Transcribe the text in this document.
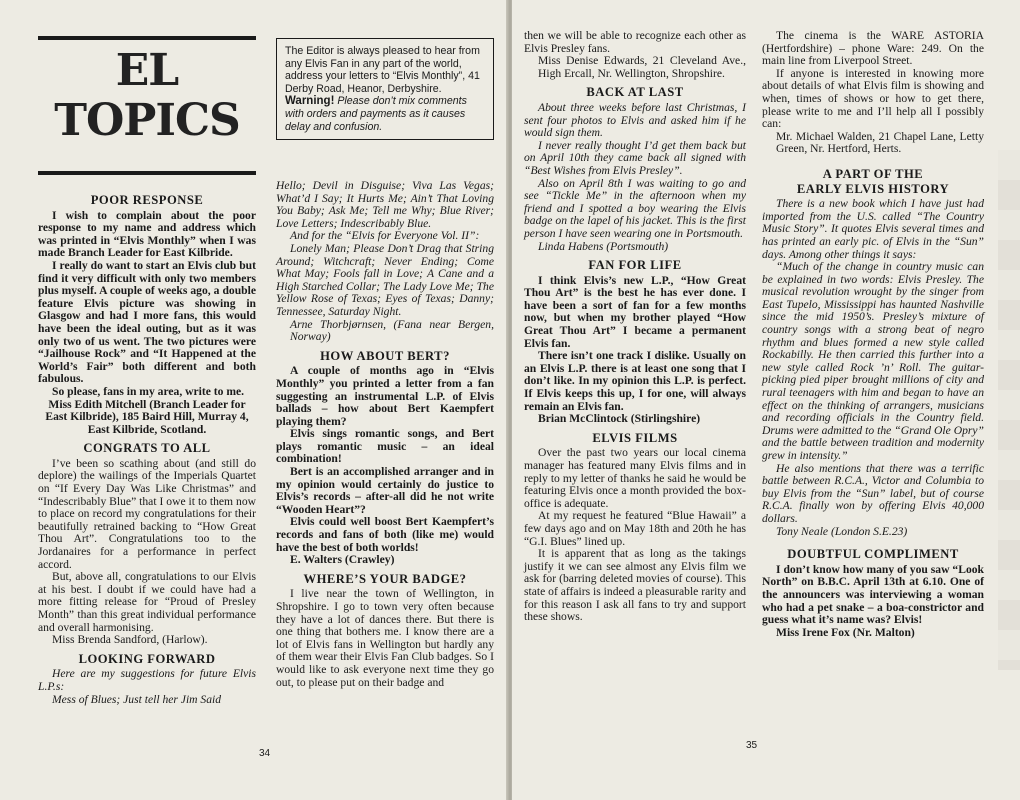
EL
TOPICS
The Editor is always pleased to hear from any Elvis Fan in any part of the world, address your letters to “Elvis Monthly”, 41 Derby Road, Heanor, Derbyshire. Warning! Please don’t mix comments with orders and payments as it causes delay and confusion.
POOR RESPONSE

I wish to complain about the poor response to my name and address which was printed in “Elvis Monthly” when I was made Branch Leader for East Kilbride.

I really do want to start an Elvis club but find it very difficult with only two members plus myself. A couple of weeks ago, a double feature Elvis picture was showing in Glasgow and had I more fans, this would have been the ideal outing, but as it was only two of us went. The two pictures were “Jailhouse Rock” and “It Happened at the World’s Fair” both different and both fabulous.

So please, fans in my area, write to me.

Miss Edith Mitchell (Branch Leader for East Kilbride), 185 Baird Hill, Murray 4, East Kilbride, Scotland.

CONGRATS TO ALL

I’ve been so scathing about (and still do deplore) the wailings of the Imperials Quartet on “If Every Day Was Like Christmas” and “Indescribably Blue” that I owe it to them now to place on record my congratulations for their beautifully retrained backing to “How Great Thou Art”. Congratulations too to the Jordanaires for a performance in perfect accord.

But, above all, congratulations to our Elvis at his best. I doubt if we could have had a more fitting release for “Proud of Presley Month” than this great individual performance and overall harmonising.

Miss Brenda Sandford, (Harlow).

LOOKING FORWARD

Here are my suggestions for future Elvis L.P.s:

Mess of Blues; Just tell her Jim Said

Hello; Devil in Disguise; Viva Las Vegas; What’d I Say; It Hurts Me; Ain’t That Loving You Baby; Ask Me; Tell me Why; Blue River; Love Letters; Indescribably Blue.

And for the “Elvis for Everyone Vol. II”:

Lonely Man; Please Don’t Drag that String Around; Witchcraft; Never Ending; Come What May; Fools fall in Love; A Cane and a High Starched Collar; The Lady Love Me; The Yellow Rose of Texas; Eyes of Texas; Danny; Tennessee, Saturday Night.

Arne Thorbjørnsen, (Fana near Bergen, Norway)

HOW ABOUT BERT?

A couple of months ago in “Elvis Monthly” you printed a letter from a fan suggesting an instrumental L.P. of Elvis ballads – how about Bert Kaempfert playing them?

Elvis sings romantic songs, and Bert plays romantic music – an ideal combination!

Bert is an accomplished arranger and in my opinion would certainly do justice to Elvis’s records – after-all did he not write “Wooden Heart”?

Elvis could well boost Bert Kaempfert’s records and fans of both (like me) would have the best of both worlds!

E. Walters (Crawley)

WHERE’S YOUR BADGE?

I live near the town of Wellington, in Shropshire. I go to town very often because they have a lot of dances there. But there is one thing that bothers me. I know there are a lot of Elvis fans in Wellington but hardly any of them wear their Elvis Fan Club badges. So I would like to ask everyone next time they go out, to please put on their badge and

34

then we will be able to recognize each other as Elvis Presley fans.

Miss Denise Edwards, 21 Cleveland Ave., High Ercall, Nr. Wellington, Shropshire.

BACK AT LAST

About three weeks before last Christmas, I sent four photos to Elvis and asked him if he would sign them.

I never really thought I’d get them back but on April 10th they came back all signed with “Best Wishes from Elvis Presley”.

Also on April 8th I was waiting to go and see “Tickle Me” in the afternoon when my friend and I spotted a boy wearing the Elvis badge on the lapel of his jacket. This is the first person I have seen wearing one in Portsmouth.

Linda Habens (Portsmouth)

FAN FOR LIFE

I think Elvis’s new L.P., “How Great Thou Art” is the best he has ever done. I have been a sort of fan for a few months now, but when my brother played “How Great Thou Art” I became a permanent Elvis fan.

There isn’t one track I dislike. Usually on an Elvis L.P. there is at least one song that I don’t like. In my opinion this L.P. is perfect. If Elvis keeps this up, I for one, will always remain an Elvis fan.

Brian McClintock (Stirlingshire)

ELVIS FILMS

Over the past two years our local cinema manager has featured many Elvis films and in reply to my letter of thanks he said he would be featuring Elvis once a month provided the box-office is adequate.

At my request he featured “Blue Hawaii” a few days ago and on May 18th and 20th he has “G.I. Blues” lined up.

It is apparent that as long as the takings justify it we can see almost any Elvis film we ask for (barring deleted movies of course). This state of affairs is indeed a pleasurable rarity and for this reason I ask all fans to try and support these shows.

The cinema is the WARE ASTORIA (Hertfordshire) – phone Ware: 249. On the main line from Liverpool Street.

If anyone is interested in knowing more about details of what Elvis film is showing and when, times of shows or how to get there, please write to me and I’ll help all I possibly can:

Mr. Michael Walden, 21 Chapel Lane, Letty Green, Nr. Hertford, Herts.

A PART OF THE
EARLY ELVIS HISTORY

There is a new book which I have just had imported from the U.S. called “The Country Music Story”. It quotes Elvis several times and has printed an early pic. of Elvis in the “Sun” days. Among other things it says:

“Much of the change in country music can be explained in two words: Elvis Presley. The musical revolution wrought by the singer from East Tupelo, Mississippi has haunted Nashville since the mid 1950’s. Presley’s mixture of country songs with a strong beat of negro rhythm and blues formed a new style called Rockabilly. He then carried this further into a new style called Rock ’n’ Roll. The guitar-picking pied piper brought millions of city and rural teenagers with him and began to have an effect on the thinking of arrangers, musicians and recording officials in the Country field. Drums were admitted to the “Grand Ole Opry” and the battle between tradition and modernity grew in intensity.”

He also mentions that there was a terrific battle between R.C.A., Victor and Columbia to buy Elvis from the “Sun” label, but of course R.C.A. finally won by offering Elvis 40,000 dollars.

Tony Neale (London S.E.23)

DOUBTFUL COMPLIMENT

I don’t know how many of you saw “Look North” on B.B.C. April 13th at 6.10. One of the announcers was interviewing a woman who had a pet snake – a boa-constrictor and guess what it’s name was? Elvis!

Miss Irene Fox (Nr. Malton)

35
